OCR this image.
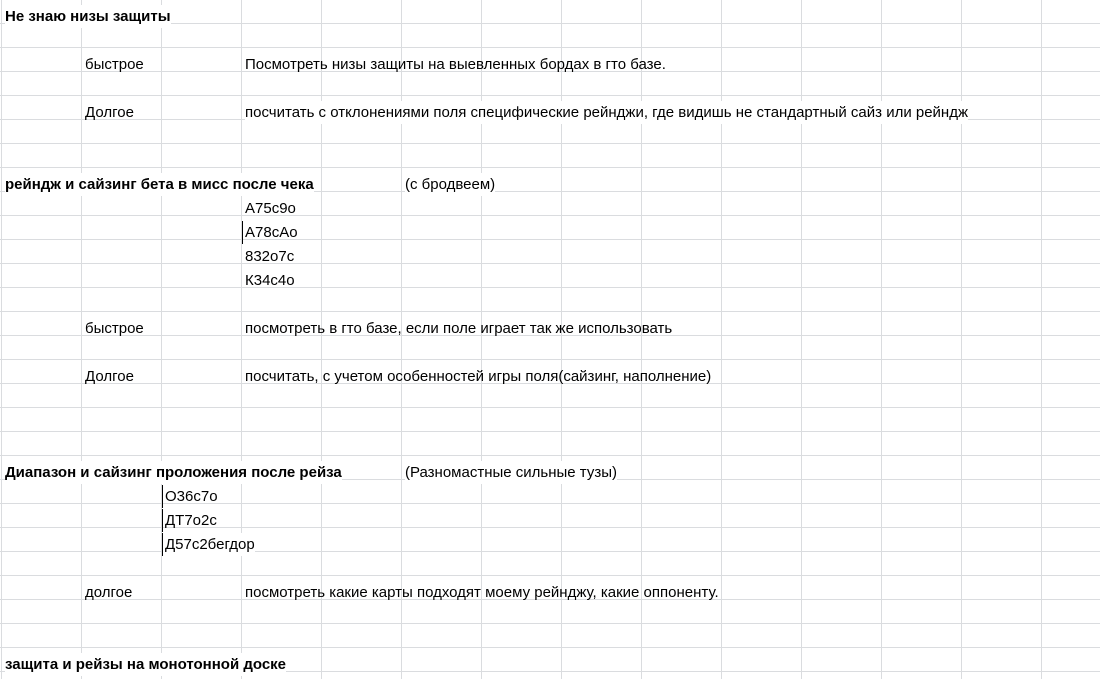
Не знаю низы защиты
быстрое	Посмотреть низы защиты на выевленных бордах в гто базе.
Долгое	посчитать с отклонениями поля специфические рейнджи, где видишь не стандартный сайз или рейндж
рейндж и сайзинг бета в мисс после чека	(с бродвеем)
А75с9о
А78сАо
832о7с
К34с4о
быстрое	посмотреть в гто базе, если поле играет так же использовать
Долгое	посчитать, с учетом особенностей игры поля(сайзинг, наполнение)
Диапазон и сайзинг проложения после рейза	(Разномастные сильные тузы)
О36с7о
ДТ7о2с
Д57с2бегдор
долгое	посмотреть какие карты подходят моему рейнджу, какие оппоненту.
защита и рейзы на монотонной доске
